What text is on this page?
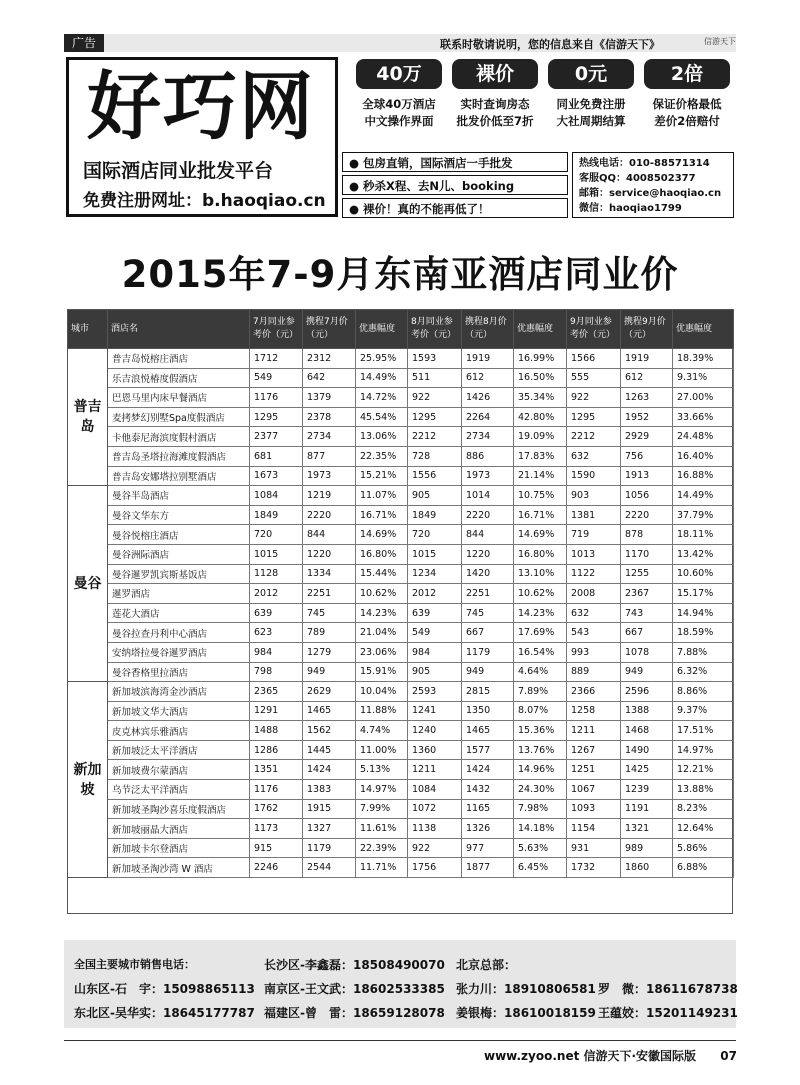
广告	联系时敬请说明，您的信息来自《信游天下》	信游天下
好巧网
国际酒店同业批发平台
免费注册网址：b.haoqiao.cn
40万
全球40万酒店
中文操作界面
裸价
实时查询房态
批发价低至7折
0元
同业免费注册
大社周期结算
2倍
保证价格最低
差价2倍赔付
● 包房直销，国际酒店一手批发
● 秒杀X程、去N儿、booking
● 裸价！真的不能再低了！
热线电话：010-88571314
客服QQ：4008502377
邮箱：service@haoqiao.cn
微信：haoqiao1799
2015年7-9月东南亚酒店同业价
城市	酒店名	7月同业参考价（元）	携程7月价（元）	优惠幅度	8月同业参考价（元）	携程8月价（元）	优惠幅度	9月同业参考价（元）	携程9月价（元）	优惠幅度
普吉岛	普吉岛悦榕庄酒店	1712	2312	25.95%	1593	1919	16.99%	1566	1919	18.39%
	乐吉浪悦椿度假酒店	549	642	14.49%	511	612	16.50%	555	612	9.31%
	巴恩马里内床早餐酒店	1176	1379	14.72%	922	1426	35.34%	922	1263	27.00%
	麦拷梦幻别墅Spa度假酒店	1295	2378	45.54%	1295	2264	42.80%	1295	1952	33.66%
	卡他泰尼海滨度假村酒店	2377	2734	13.06%	2212	2734	19.09%	2212	2929	24.48%
	普吉岛圣塔拉海滩度假酒店	681	877	22.35%	728	886	17.83%	632	756	16.40%
	普吉岛安娜塔拉别墅酒店	1673	1973	15.21%	1556	1973	21.14%	1590	1913	16.88%
曼谷	曼谷半岛酒店	1084	1219	11.07%	905	1014	10.75%	903	1056	14.49%
	曼谷文华东方	1849	2220	16.71%	1849	2220	16.71%	1381	2220	37.79%
	曼谷悦榕庄酒店	720	844	14.69%	720	844	14.69%	719	878	18.11%
	曼谷洲际酒店	1015	1220	16.80%	1015	1220	16.80%	1013	1170	13.42%
	曼谷暹罗凯宾斯基饭店	1128	1334	15.44%	1234	1420	13.10%	1122	1255	10.60%
	暹罗酒店	2012	2251	10.62%	2012	2251	10.62%	2008	2367	15.17%
	莲花大酒店	639	745	14.23%	639	745	14.23%	632	743	14.94%
	曼谷拉查丹利中心酒店	623	789	21.04%	549	667	17.69%	543	667	18.59%
	安纳塔拉曼谷暹罗酒店	984	1279	23.06%	984	1179	16.54%	993	1078	7.88%
	曼谷香格里拉酒店	798	949	15.91%	905	949	4.64%	889	949	6.32%
新加坡	新加坡滨海湾金沙酒店	2365	2629	10.04%	2593	2815	7.89%	2366	2596	8.86%
	新加坡文华大酒店	1291	1465	11.88%	1241	1350	8.07%	1258	1388	9.37%
	皮克林宾乐雅酒店	1488	1562	4.74%	1240	1465	15.36%	1211	1468	17.51%
	新加坡泛太平洋酒店	1286	1445	11.00%	1360	1577	13.76%	1267	1490	14.97%
	新加坡费尔蒙酒店	1351	1424	5.13%	1211	1424	14.96%	1251	1425	12.21%
	乌节泛太平洋酒店	1176	1383	14.97%	1084	1432	24.30%	1067	1239	13.88%
	新加坡圣陶沙喜乐度假酒店	1762	1915	7.99%	1072	1165	7.98%	1093	1191	8.23%
	新加坡丽晶大酒店	1173	1327	11.61%	1138	1326	14.18%	1154	1321	12.64%
	新加坡卡尔登酒店	915	1179	22.39%	922	977	5.63%	931	989	5.86%
	新加坡圣淘沙湾 W 酒店	2246	2544	11.71%	1756	1877	6.45%	1732	1860	6.88%
全国主要城市销售电话：
山东区-石　宇：15098865113
东北区-吴华实：18645177787
长沙区-李鑫磊：18508490070
南京区-王文武：18602533385
福建区-曾　雷：18659128078
北京总部：
张力川：18910806581
姜银梅：18610018159
罗　微：18611678738
王蕴姣：15201149231
www.zyoo.net 信游天下·安徽国际版 07
